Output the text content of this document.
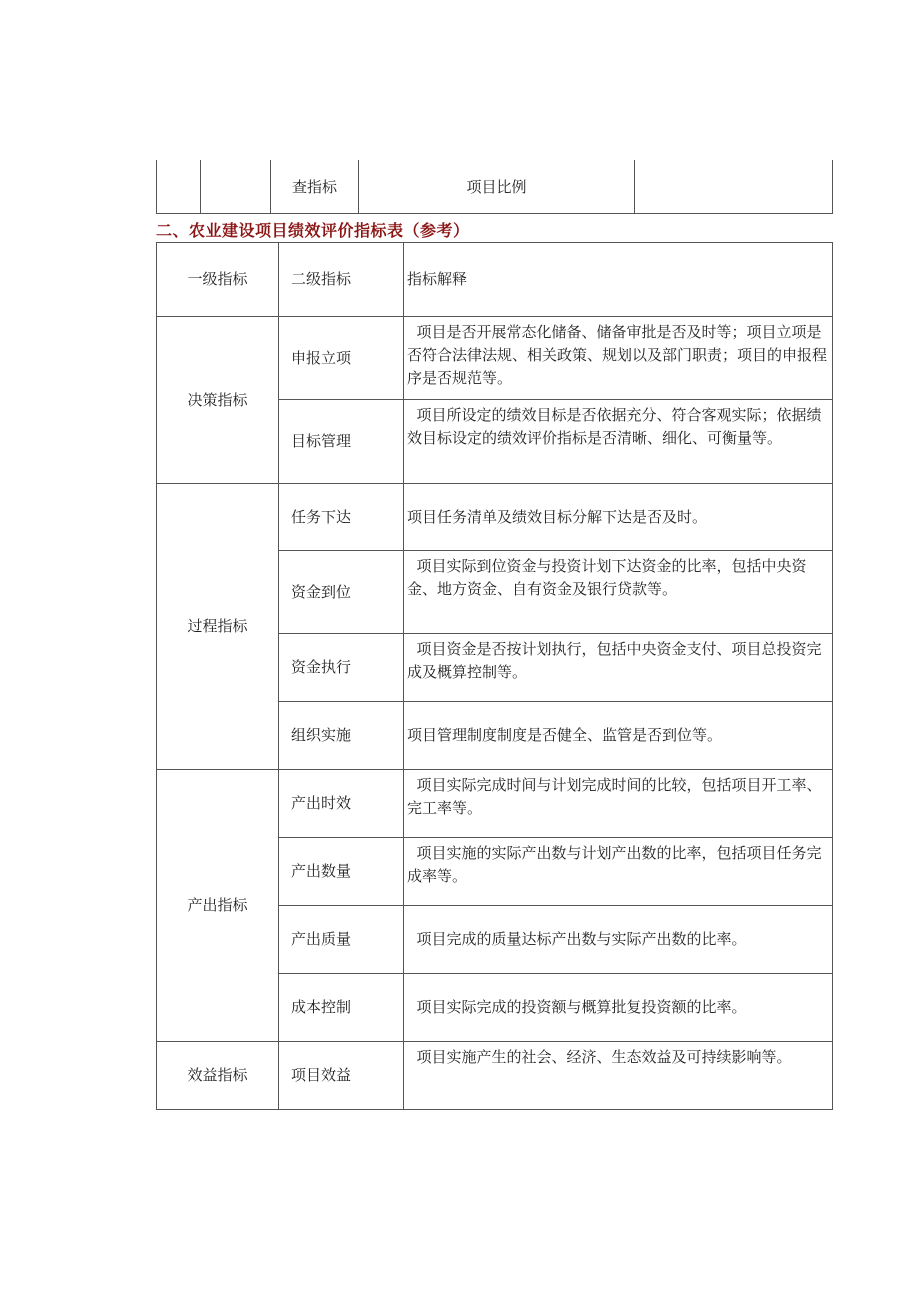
		查指标	项目比例	
二、农业建设项目绩效评价指标表（参考）
一级指标	二级指标	指标解释
决策指标	申报立项	项目是否开展常态化储备、储备审批是否及时等；项目立项是否符合法律法规、相关政策、规划以及部门职责；项目的申报程序是否规范等。
	目标管理	项目所设定的绩效目标是否依据充分、符合客观实际；依据绩效目标设定的绩效评价指标是否清晰、细化、可衡量等。
过程指标	任务下达	项目任务清单及绩效目标分解下达是否及时。
	资金到位	项目实际到位资金与投资计划下达资金的比率，包括中央资金、地方资金、自有资金及银行贷款等。
	资金执行	项目资金是否按计划执行，包括中央资金支付、项目总投资完成及概算控制等。
	组织实施	项目管理制度制度是否健全、监管是否到位等。
产出指标	产出时效	项目实际完成时间与计划完成时间的比较，包括项目开工率、完工率等。
	产出数量	项目实施的实际产出数与计划产出数的比率，包括项目任务完成率等。
	产出质量	项目完成的质量达标产出数与实际产出数的比率。
	成本控制	项目实际完成的投资额与概算批复投资额的比率。
效益指标	项目效益	项目实施产生的社会、经济、生态效益及可持续影响等。
